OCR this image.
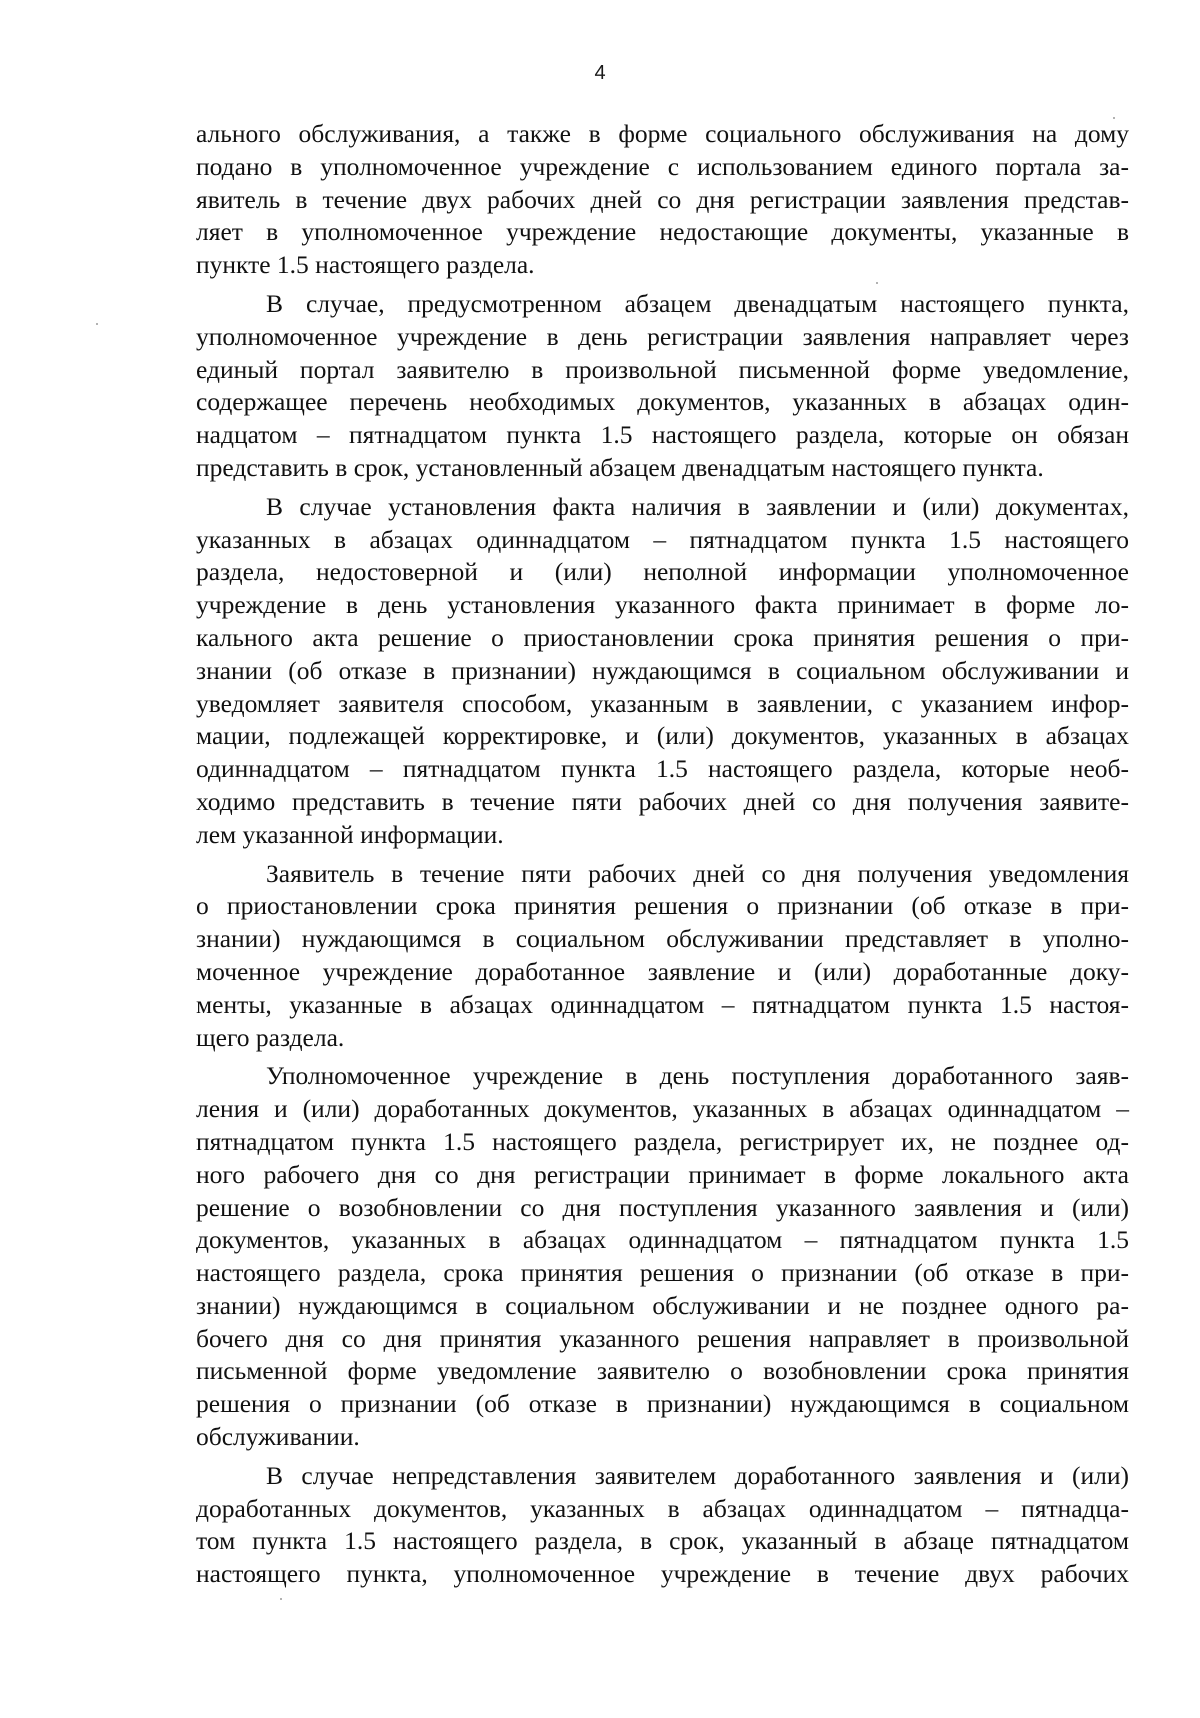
4

ального обслуживания, а также в форме социального обслуживания на дому
подано в уполномоченное учреждение с использованием единого портала за-
явитель в течение двух рабочих дней со дня регистрации заявления представ-
ляет в уполномоченное учреждение недостающие документы, указанные в
пункте 1.5 настоящего раздела.

В случае, предусмотренном абзацем двенадцатым настоящего пункта,
уполномоченное учреждение в день регистрации заявления направляет через
единый портал заявителю в произвольной письменной форме уведомление,
содержащее перечень необходимых документов, указанных в абзацах один-
надцатом – пятнадцатом пункта 1.5 настоящего раздела, которые он обязан
представить в срок, установленный абзацем двенадцатым настоящего пункта.

В случае установления факта наличия в заявлении и (или) документах,
указанных в абзацах одиннадцатом – пятнадцатом пункта 1.5 настоящего
раздела, недостоверной и (или) неполной информации уполномоченное
учреждение в день установления указанного факта принимает в форме ло-
кального акта решение о приостановлении срока принятия решения о при-
знании (об отказе в признании) нуждающимся в социальном обслуживании и
уведомляет заявителя способом, указанным в заявлении, с указанием инфор-
мации, подлежащей корректировке, и (или) документов, указанных в абзацах
одиннадцатом – пятнадцатом пункта 1.5 настоящего раздела, которые необ-
ходимо представить в течение пяти рабочих дней со дня получения заявите-
лем указанной информации.

Заявитель в течение пяти рабочих дней со дня получения уведомления
о приостановлении срока принятия решения о признании (об отказе в при-
знании) нуждающимся в социальном обслуживании представляет в уполно-
моченное учреждение доработанное заявление и (или) доработанные доку-
менты, указанные в абзацах одиннадцатом – пятнадцатом пункта 1.5 настоя-
щего раздела.

Уполномоченное учреждение в день поступления доработанного заяв-
ления и (или) доработанных документов, указанных в абзацах одиннадцатом –
пятнадцатом пункта 1.5 настоящего раздела, регистрирует их, не позднее од-
ного рабочего дня со дня регистрации принимает в форме локального акта
решение о возобновлении со дня поступления указанного заявления и (или)
документов, указанных в абзацах одиннадцатом – пятнадцатом пункта 1.5
настоящего раздела, срока принятия решения о признании (об отказе в при-
знании) нуждающимся в социальном обслуживании и не позднее одного ра-
бочего дня со дня принятия указанного решения направляет в произвольной
письменной форме уведомление заявителю о возобновлении срока принятия
решения о признании (об отказе в признании) нуждающимся в социальном
обслуживании.

В случае непредставления заявителем доработанного заявления и (или)
доработанных документов, указанных в абзацах одиннадцатом – пятнадца-
том пункта 1.5 настоящего раздела, в срок, указанный в абзаце пятнадцатом
настоящего пункта, уполномоченное учреждение в течение двух рабочих
